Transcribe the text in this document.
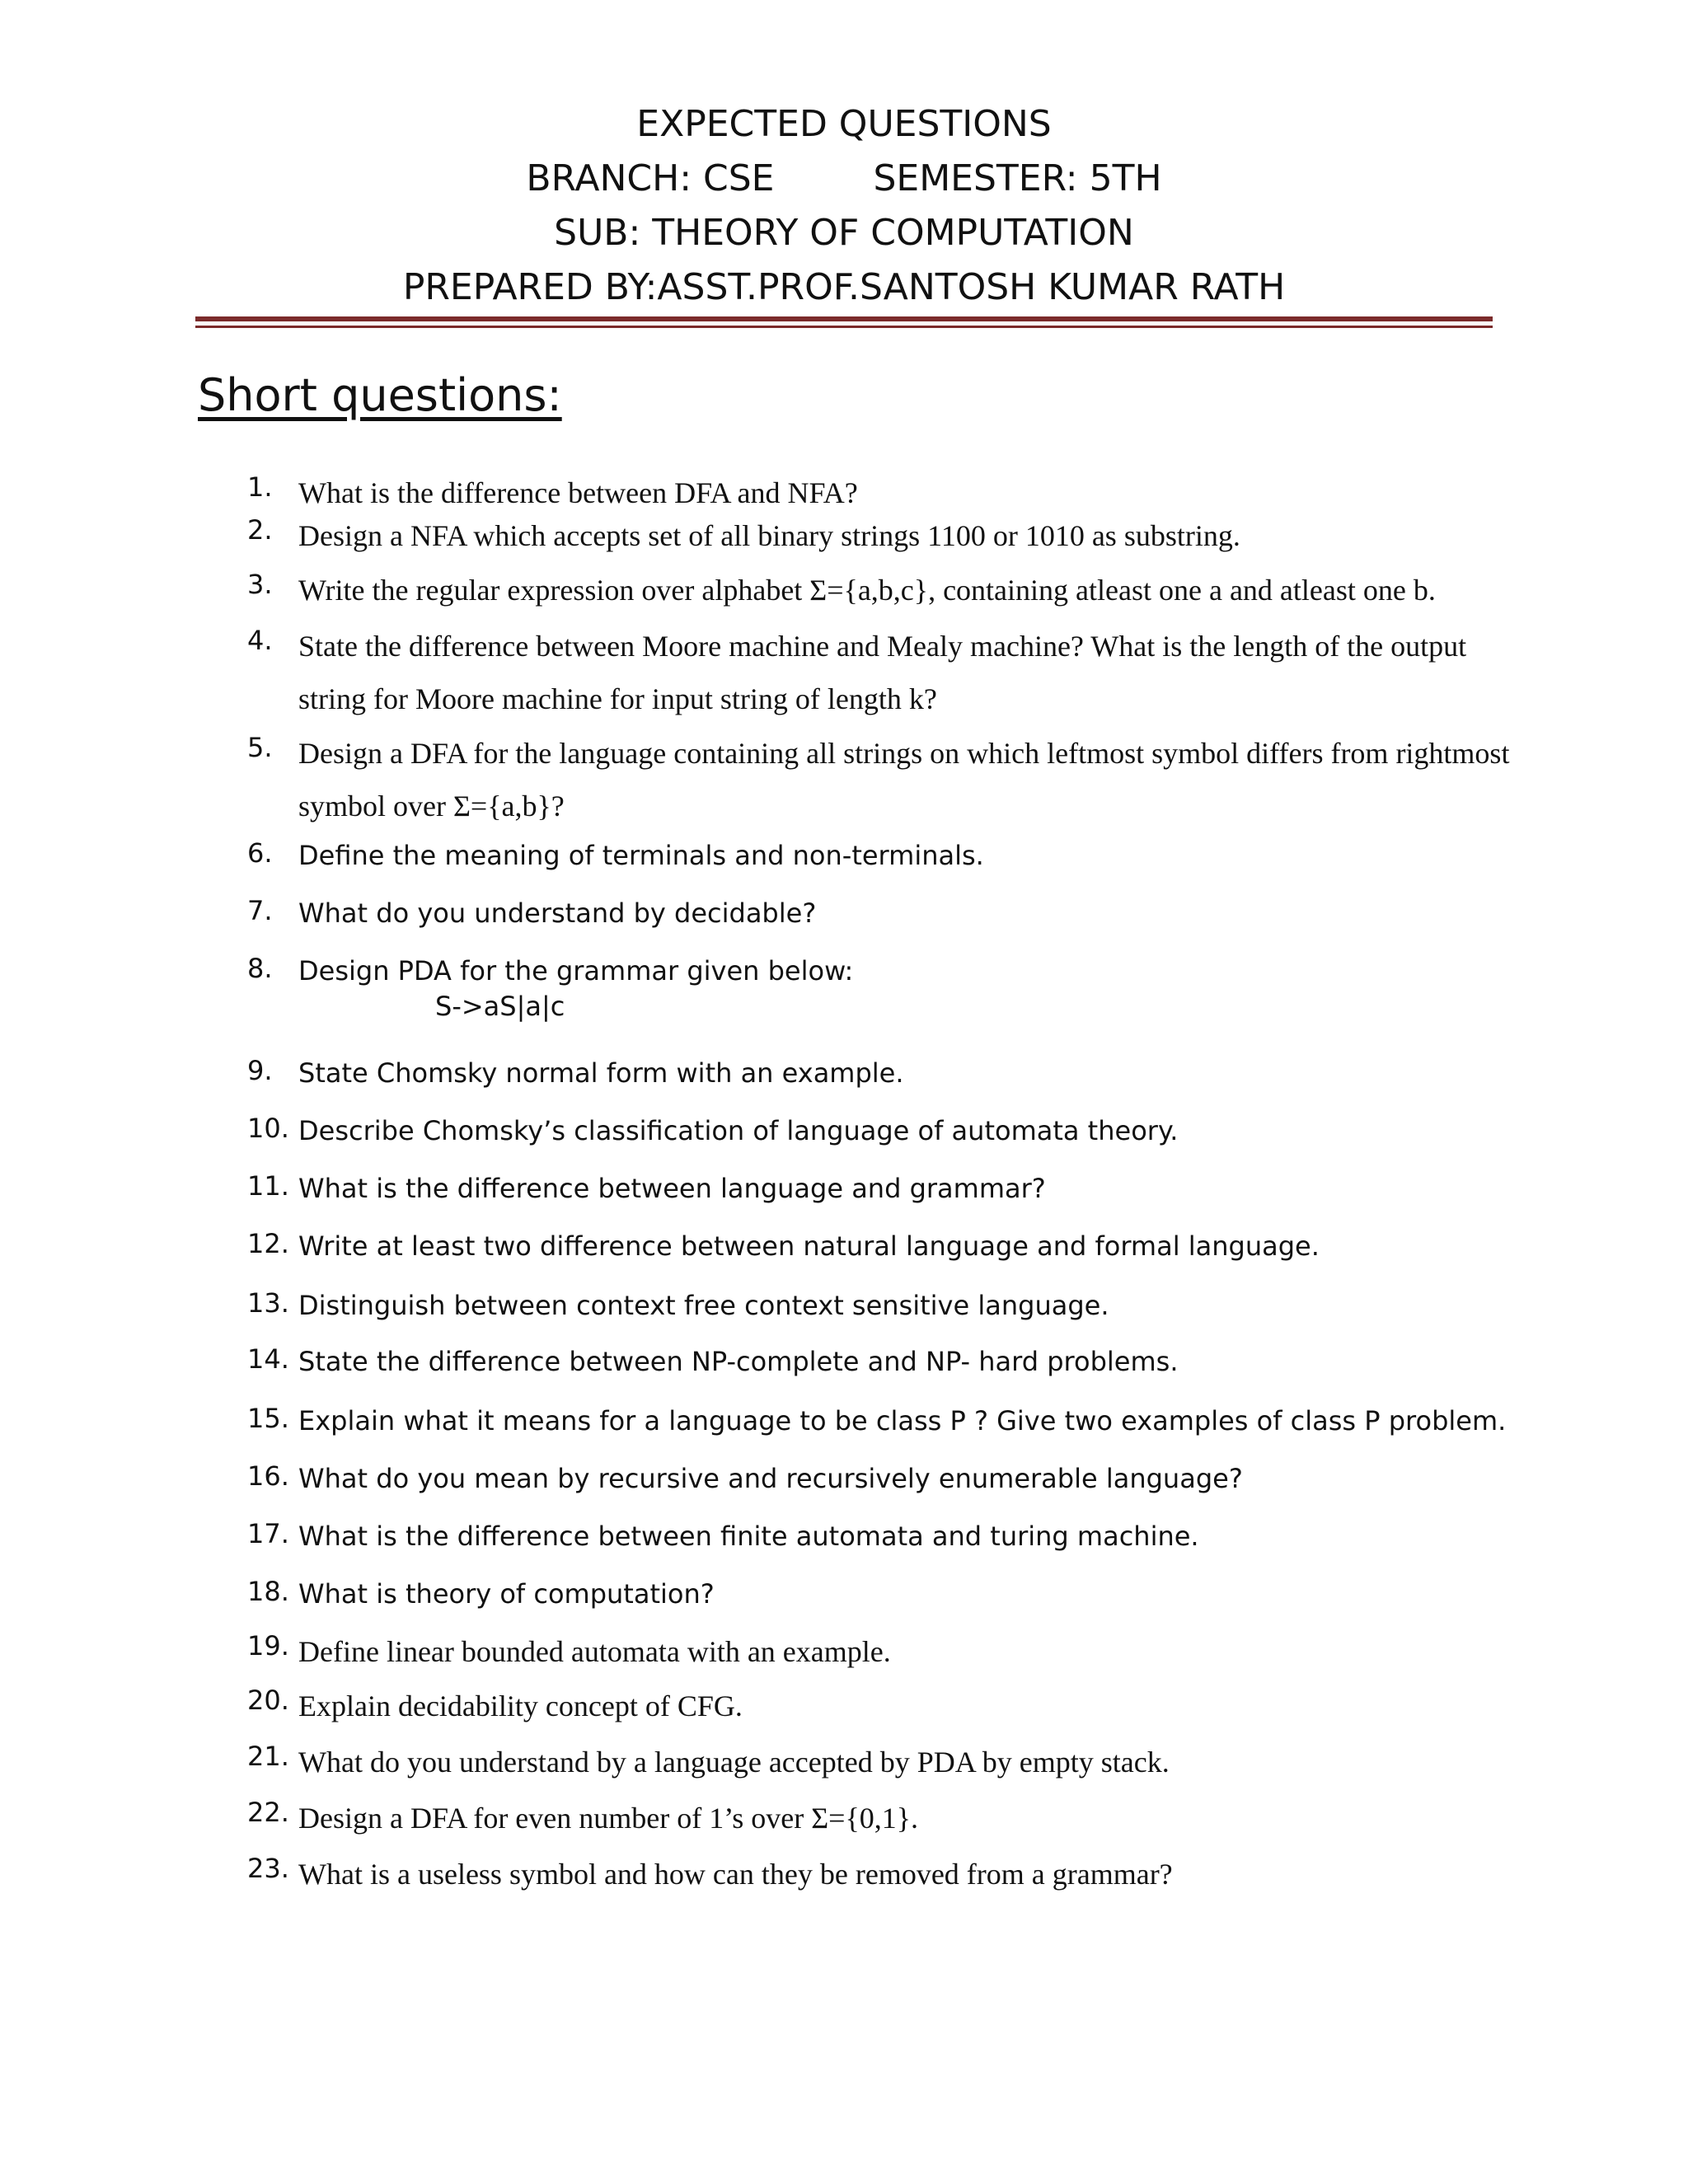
EXPECTED QUESTIONS
BRANCH: CSE	SEMESTER: 5TH
SUB: THEORY OF COMPUTATION
PREPARED BY:ASST.PROF.SANTOSH KUMAR RATH
Short questions:
1. What is the difference between DFA and NFA?
2. Design a NFA which accepts set of all binary strings 1100 or 1010 as substring.
3. Write the regular expression over alphabet Σ={a,b,c}, containing atleast one a and atleast one b.
4. State the difference between Moore machine and Mealy machine? What is the length of the output string for Moore machine for input string of length k?
5. Design a DFA for the language containing all strings on which leftmost symbol differs from rightmost symbol over Σ={a,b}?
6. Define the meaning of terminals and non-terminals.
7. What do you understand by decidable?
8. Design PDA for the grammar given below:
S->aS|a|c
9. State Chomsky normal form with an example.
10. Describe Chomsky’s classification of language of automata theory.
11. What is the difference between language and grammar?
12. Write at least two difference between natural language and formal language.
13. Distinguish between context free context sensitive language.
14. State the difference between NP-complete and NP- hard problems.
15. Explain what it means for a language to be class P ? Give two examples of class P problem.
16. What do you mean by recursive and recursively enumerable language?
17. What is the difference between finite automata and turing machine.
18. What is theory of computation?
19. Define linear bounded automata with an example.
20. Explain decidability concept of CFG.
21. What do you understand by a language accepted by PDA by empty stack.
22. Design a DFA for even number of 1’s over Σ={0,1}.
23. What is a useless symbol and how can they be removed from a grammar?
